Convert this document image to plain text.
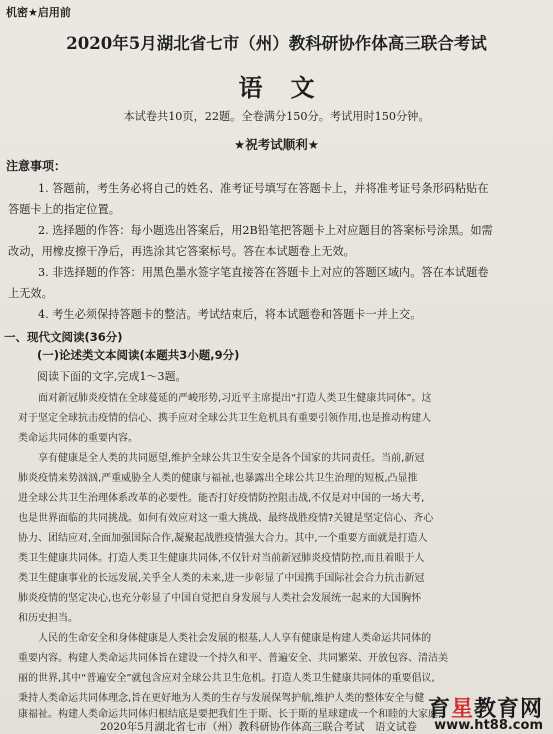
机密★启用前
2020年5月湖北省七市（州）教科研协作体高三联合考试
语文
本试卷共10页，22题。全卷满分150分。考试用时150分钟。
★祝考试顺利★
注意事项：
1. 答题前，考生务必将自己的姓名、准考证号填写在答题卡上，并将准考证号条形码粘贴在
答题卡上的指定位置。
2. 选择题的作答：每小题选出答案后，用2B铅笔把答题卡上对应题目的答案标号涂黑。如需
改动，用橡皮擦干净后，再选涂其它答案标号。答在本试题卷上无效。
3. 非选择题的作答：用黑色墨水签字笔直接答在答题卡上对应的答题区域内。答在本试题卷
上无效。
4. 考生必须保持答题卡的整洁。考试结束后，将本试题卷和答题卡一并上交。
一、现代文阅读(36分)
(一)论述类文本阅读(本题共3小题,9分)
阅读下面的文字,完成1～3题。
面对新冠肺炎疫情在全球蔓延的严峻形势,习近平主席提出“打造人类卫生健康共同体”。这
对于坚定全球抗击疫情的信心、携手应对全球公共卫生危机具有重要引领作用,也是推动构建人
类命运共同体的重要内容。
享有健康是全人类的共同愿望,维护全球公共卫生安全是各个国家的共同责任。当前,新冠
肺炎疫情来势汹汹,严重威胁全人类的健康与福祉,也暴露出全球公共卫生治理的短板,凸显推
进全球公共卫生治理体系改革的必要性。能否打好疫情防控阻击战,不仅是对中国的一场大考,
也是世界面临的共同挑战。如何有效应对这一重大挑战、最终战胜疫情?关键是坚定信心、齐心
协力、团结应对,全面加强国际合作,凝聚起战胜疫情强大合力。其中,一个重要方面就是打造人
类卫生健康共同体。打造人类卫生健康共同体,不仅针对当前新冠肺炎疫情防控,而且着眼于人
类卫生健康事业的长远发展,关乎全人类的未来,进一步彰显了中国携手国际社会合力抗击新冠
肺炎疫情的坚定决心,也充分彰显了中国自觉把自身发展与人类社会发展统一起来的大国胸怀
和历史担当。
人民的生命安全和身体健康是人类社会发展的根基,人人享有健康是构建人类命运共同体的
重要内容。构建人类命运共同体旨在建设一个持久和平、普遍安全、共同繁荣、开放包容、清洁美
丽的世界,其中“普遍安全”就包含应对全球公共卫生危机。打造人类卫生健康共同体的重要倡议,
秉持人类命运共同体理念,旨在更好地为人类的生存与发展保驾护航,维护人类的整体安全与健
康福祉。构建人类命运共同体归根结底是要把我们生于斯、长于斯的星球建成一个和睦的大家庭,
2020年5月湖北省七市（州）教科研协作体高三联合考试　语文试卷
育星教育网
www.ht88.com
